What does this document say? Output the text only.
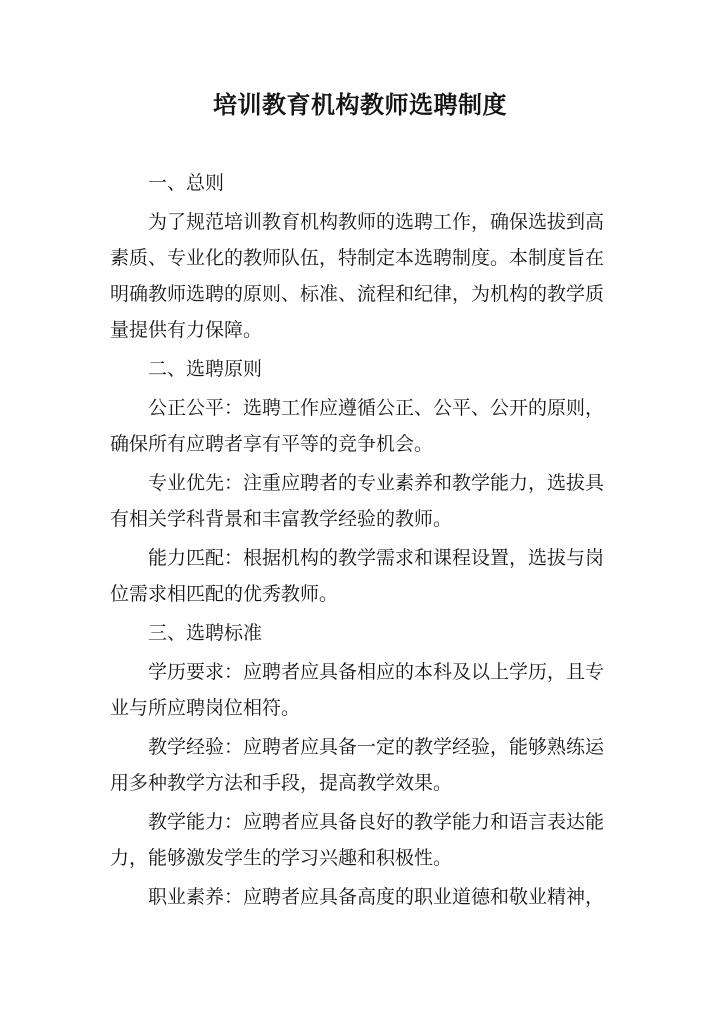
培训教育机构教师选聘制度
一、总则
为了规范培训教育机构教师的选聘工作，确保选拔到高
素质、专业化的教师队伍，特制定本选聘制度。本制度旨在
明确教师选聘的原则、标准、流程和纪律，为机构的教学质
量提供有力保障。
二、选聘原则
公正公平：选聘工作应遵循公正、公平、公开的原则，
确保所有应聘者享有平等的竞争机会。
专业优先：注重应聘者的专业素养和教学能力，选拔具
有相关学科背景和丰富教学经验的教师。
能力匹配：根据机构的教学需求和课程设置，选拔与岗
位需求相匹配的优秀教师。
三、选聘标准
学历要求：应聘者应具备相应的本科及以上学历，且专
业与所应聘岗位相符。
教学经验：应聘者应具备一定的教学经验，能够熟练运
用多种教学方法和手段，提高教学效果。
教学能力：应聘者应具备良好的教学能力和语言表达能
力，能够激发学生的学习兴趣和积极性。
职业素养：应聘者应具备高度的职业道德和敬业精神，
